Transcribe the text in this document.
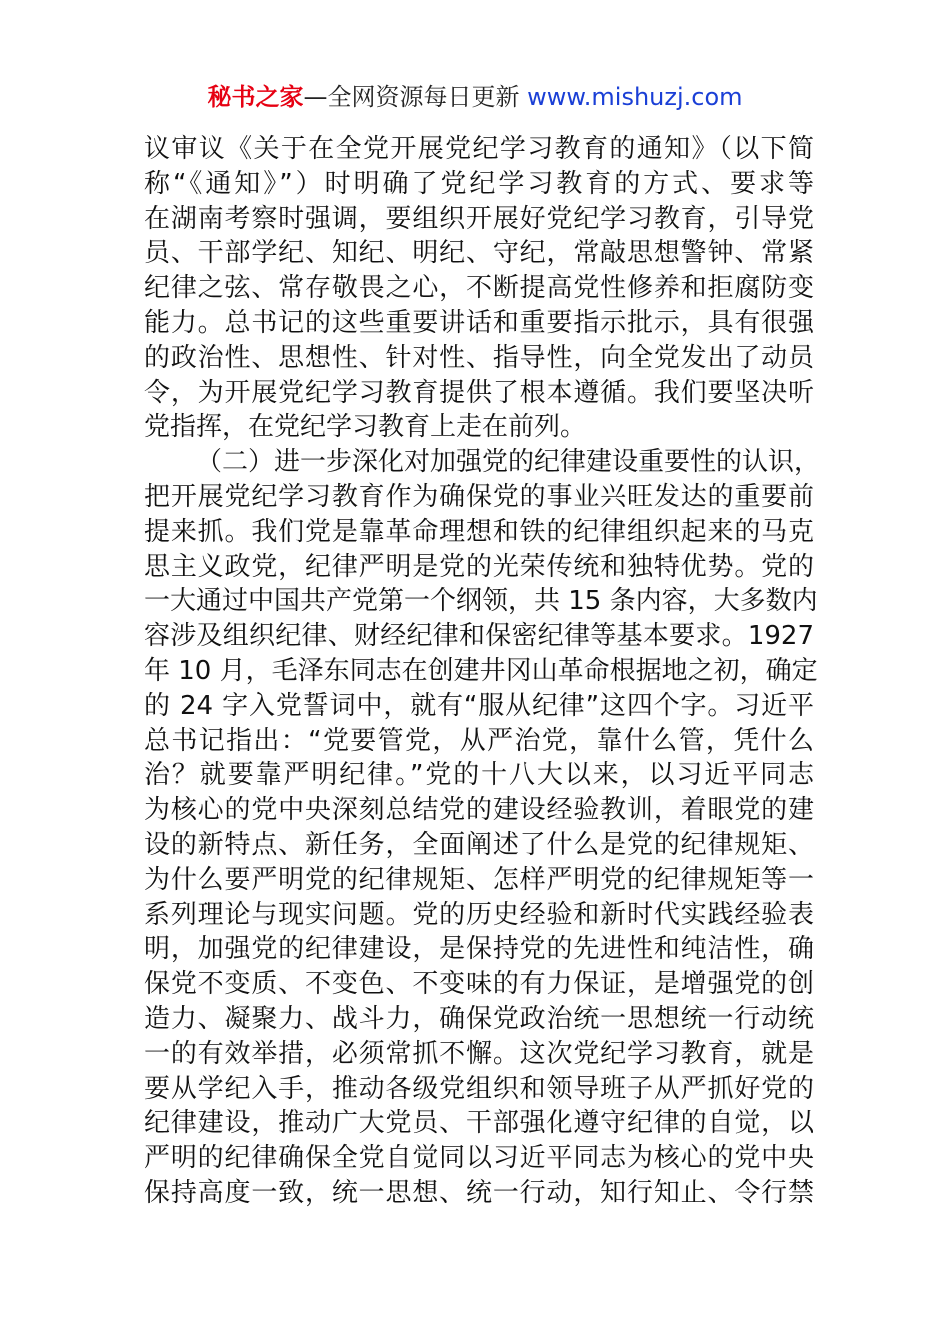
秘书之家—全网资源每日更新 www.mishuzj.com
议审议《关于在全党开展党纪学习教育的通知》（以下简
称“《通知》”）时明确了党纪学习教育的方式、要求等
在湖南考察时强调，要组织开展好党纪学习教育，引导党
员、干部学纪、知纪、明纪、守纪，常敲思想警钟、常紧
纪律之弦、常存敬畏之心，不断提高党性修养和拒腐防变
能力。总书记的这些重要讲话和重要指示批示，具有很强
的政治性、思想性、针对性、指导性，向全党发出了动员
令，为开展党纪学习教育提供了根本遵循。我们要坚决听
党指挥，在党纪学习教育上走在前列。
（二）进一步深化对加强党的纪律建设重要性的认识，
把开展党纪学习教育作为确保党的事业兴旺发达的重要前
提来抓。我们党是靠革命理想和铁的纪律组织起来的马克
思主义政党，纪律严明是党的光荣传统和独特优势。党的
一大通过中国共产党第一个纲领，共 15 条内容，大多数内
容涉及组织纪律、财经纪律和保密纪律等基本要求。1927
年 10 月，毛泽东同志在创建井冈山革命根据地之初，确定
的 24 字入党誓词中，就有“服从纪律”这四个字。习近平
总书记指出：“党要管党，从严治党，靠什么管，凭什么
治？就要靠严明纪律。”党的十八大以来，以习近平同志
为核心的党中央深刻总结党的建设经验教训，着眼党的建
设的新特点、新任务，全面阐述了什么是党的纪律规矩、
为什么要严明党的纪律规矩、怎样严明党的纪律规矩等一
系列理论与现实问题。党的历史经验和新时代实践经验表
明，加强党的纪律建设，是保持党的先进性和纯洁性，确
保党不变质、不变色、不变味的有力保证，是增强党的创
造力、凝聚力、战斗力，确保党政治统一思想统一行动统
一的有效举措，必须常抓不懈。这次党纪学习教育，就是
要从学纪入手，推动各级党组织和领导班子从严抓好党的
纪律建设，推动广大党员、干部强化遵守纪律的自觉，以
严明的纪律确保全党自觉同以习近平同志为核心的党中央
保持高度一致，统一思想、统一行动，知行知止、令行禁
